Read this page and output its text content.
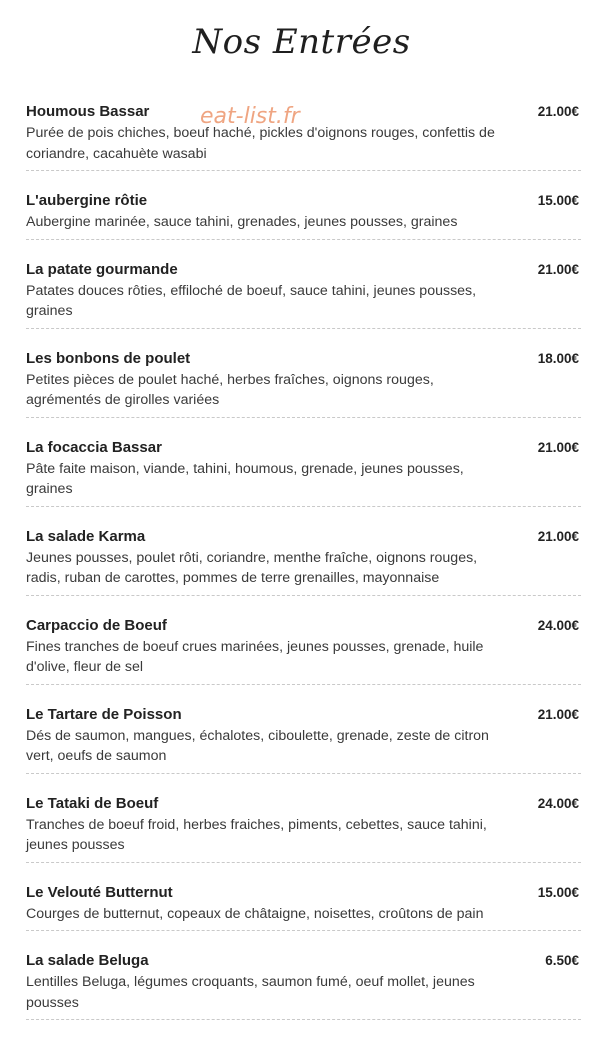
Nos Entrées
eat-list.fr
Houmous Bassar	21.00€
Purée de pois chiches, boeuf haché, pickles d'oignons rouges, confettis de coriandre, cacahuète wasabi
L'aubergine rôtie	15.00€
Aubergine marinée, sauce tahini, grenades, jeunes pousses, graines
La patate gourmande	21.00€
Patates douces rôties, effiloché de boeuf, sauce tahini, jeunes pousses, graines
Les bonbons de poulet	18.00€
Petites pièces de poulet haché, herbes fraîches, oignons rouges, agrémentés de girolles variées
La focaccia Bassar	21.00€
Pâte faite maison, viande, tahini, houmous, grenade, jeunes pousses, graines
La salade Karma	21.00€
Jeunes pousses, poulet rôti, coriandre, menthe fraîche, oignons rouges, radis, ruban de carottes, pommes de terre grenailles, mayonnaise
Carpaccio de Boeuf	24.00€
Fines tranches de boeuf crues marinées, jeunes pousses, grenade, huile d'olive, fleur de sel
Le Tartare de Poisson	21.00€
Dés de saumon, mangues, échalotes, ciboulette, grenade, zeste de citron vert, oeufs de saumon
Le Tataki de Boeuf	24.00€
Tranches de boeuf froid, herbes fraiches, piments, cebettes, sauce tahini, jeunes pousses
Le Velouté Butternut	15.00€
Courges de butternut, copeaux de châtaigne, noisettes, croûtons de pain
La salade Beluga	6.50€
Lentilles Beluga, légumes croquants, saumon fumé, oeuf mollet, jeunes pousses
